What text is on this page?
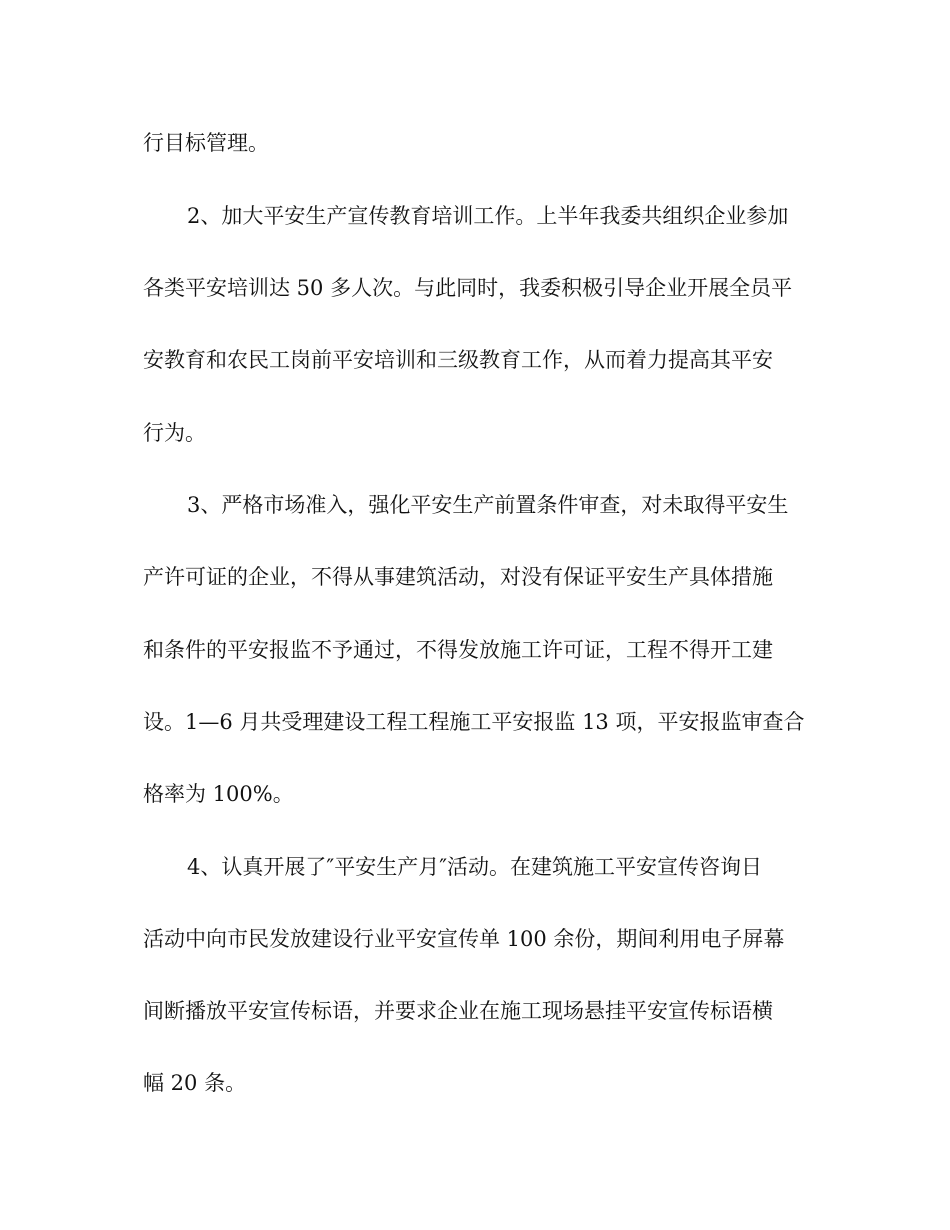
行目标管理。
2、加大平安生产宣传教育培训工作。上半年我委共组织企业参加
各类平安培训达 50 多人次。与此同时，我委积极引导企业开展全员平
安教育和农民工岗前平安培训和三级教育工作，从而着力提高其平安
行为。
3、严格市场准入，强化平安生产前置条件审查，对未取得平安生
产许可证的企业，不得从事建筑活动，对没有保证平安生产具体措施
和条件的平安报监不予通过，不得发放施工许可证，工程不得开工建
设。1—6 月共受理建设工程工程施工平安报监 13 项，平安报监审查合
格率为 100%。
4、认真开展了″平安生产月″活动。在建筑施工平安宣传咨询日
活动中向市民发放建设行业平安宣传单 100 余份，期间利用电子屏幕
间断播放平安宣传标语，并要求企业在施工现场悬挂平安宣传标语横
幅 20 条。
